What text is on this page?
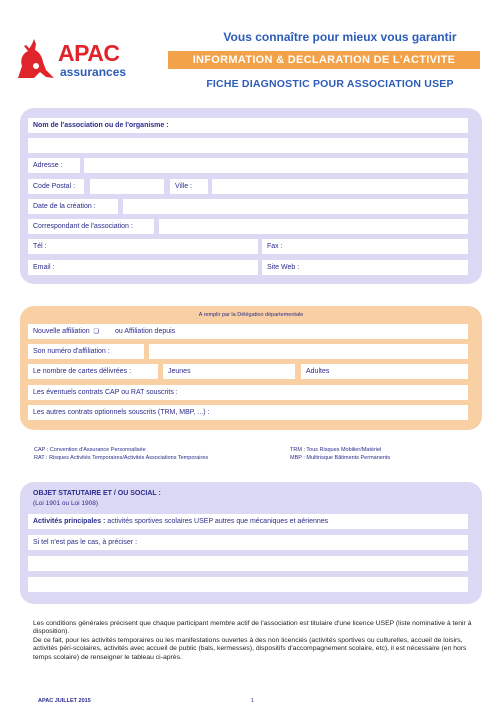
APAC
assurances
Vous connaître pour mieux vous garantir
INFORMATION & DECLARATION DE L'ACTIVITE
FICHE DIAGNOSTIC POUR ASSOCIATION USEP
Nom de l'association ou de l'organisme :
Adresse :
Code Postal :	Ville :
Date de la création :
Correspondant de l'association :
Tél :	Fax :
Email :	Site Web :
A remplir par la Délégation départementale
Nouvelle affiliation ❑ ou Affiliation depuis
Son numéro d'affiliation :
Le nombre de cartes délivrées :	Jeunes	Adultes
Les éventuels contrats CAP ou RAT souscrits :
Les autres contrats optionnels souscrits (TRM, MBP, ...) :
CAP : Convention d'Assurance Personnalisée
RAT : Risques Activités Temporaires/Activités Associations Temporaires
TRM : Tous Risques Mobilier/Matériel
MBP : Multirisque Bâtiments Permanents
OBJET STATUTAIRE ET / OU SOCIAL :
(Loi 1901 ou Loi 1908)
Activités principales : activités sportives scolaires USEP autres que mécaniques et aériennes
Si tel n'est pas le cas, à préciser :
Les conditions générales précisent que chaque participant membre actif de l'association est titulaire d'une licence USEP (liste nominative à tenir à disposition).
De ce fait, pour les activités temporaires ou les manifestations ouvertes à des non licenciés (activités sportives ou culturelles, accueil de loisirs, activités péri-scolaires, activités avec accueil de public (bals, kermesses), dispositifs d'accompagnement scolaire, etc), il est nécessaire (en hors temps scolaire) de renseigner le tableau ci-après.
APAC JUILLET 2015	1
